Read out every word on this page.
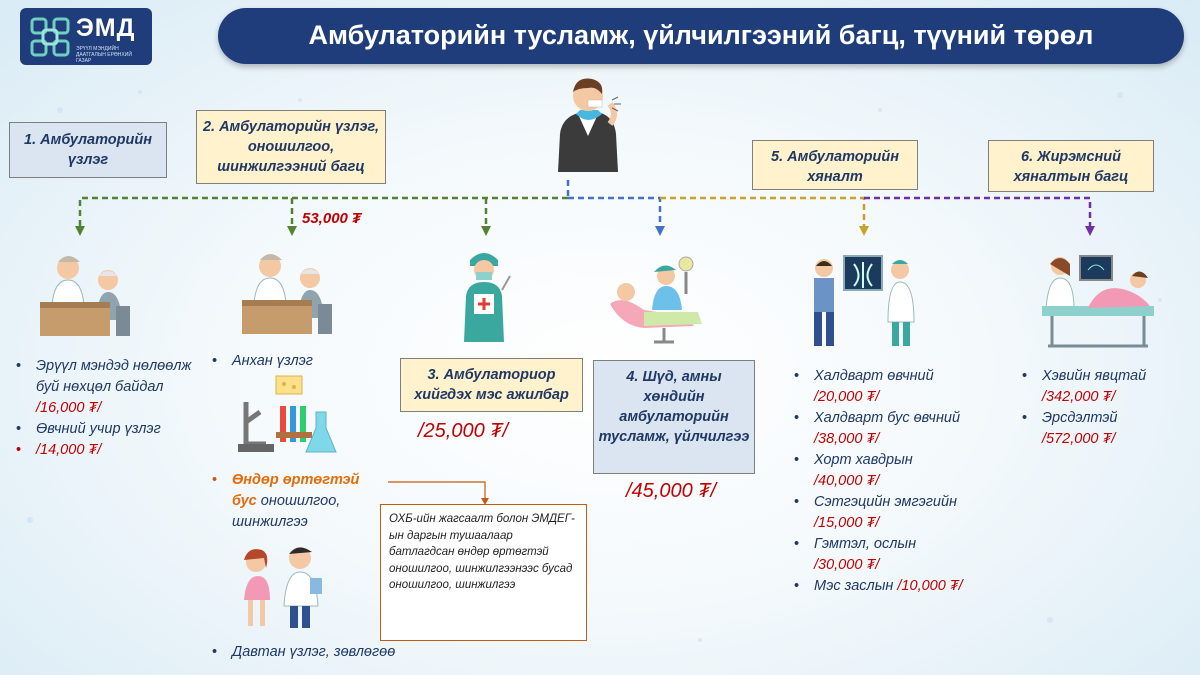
ЭМД
ЭРҮҮЛ МЭНДИЙН ДААТГАЛЫН ЕРӨНХИЙ ГАЗАР
Амбулаторийн тусламж, үйлчилгээний багц, түүний төрөл
1. Амбулаторийн үзлэг
2. Амбулаторийн үзлэг, оношилгоо, шинжилгээний багц
53,000 ₮
3. Амбулаториор хийгдэх мэс ажилбар
/25,000 ₮/
4. Шүд, амны хөндийн амбулаторийн тусламж, үйлчилгээ
/45,000 ₮/
5. Амбулаторийн хяналт
6. Жирэмсний хяналтын багц
• Эрүүл мэндэд нөлөөлж буй нөхцөл байдал
/16,000 ₮/
• Өвчний учир үзлэг
• /14,000 ₮/
• Анхан үзлэг
• Өндөр өртөгтэй бус оношилгоо, шинжилгээ
• Давтан үзлэг, зөвлөгөө
ОХБ-ийн жагсаалт болон ЭМДЕГ-ын даргын тушаалаар батлагдсан өндөр өртөгтэй оношилгоо, шинжилгээнээс бусад оношилгоо, шинжилгээ
• Халдварт өвчний
/20,000 ₮/
• Халдварт бус өвчний
/38,000 ₮/
• Хорт хавдрын
/40,000 ₮/
• Сэтгэцийн эмгэгийн
/15,000 ₮/
• Гэмтэл, ослын
/30,000 ₮/
• Мэс заслын /10,000 ₮/
• Хэвийн явцтай
/342,000 ₮/
• Эрсдэлтэй
/572,000 ₮/
